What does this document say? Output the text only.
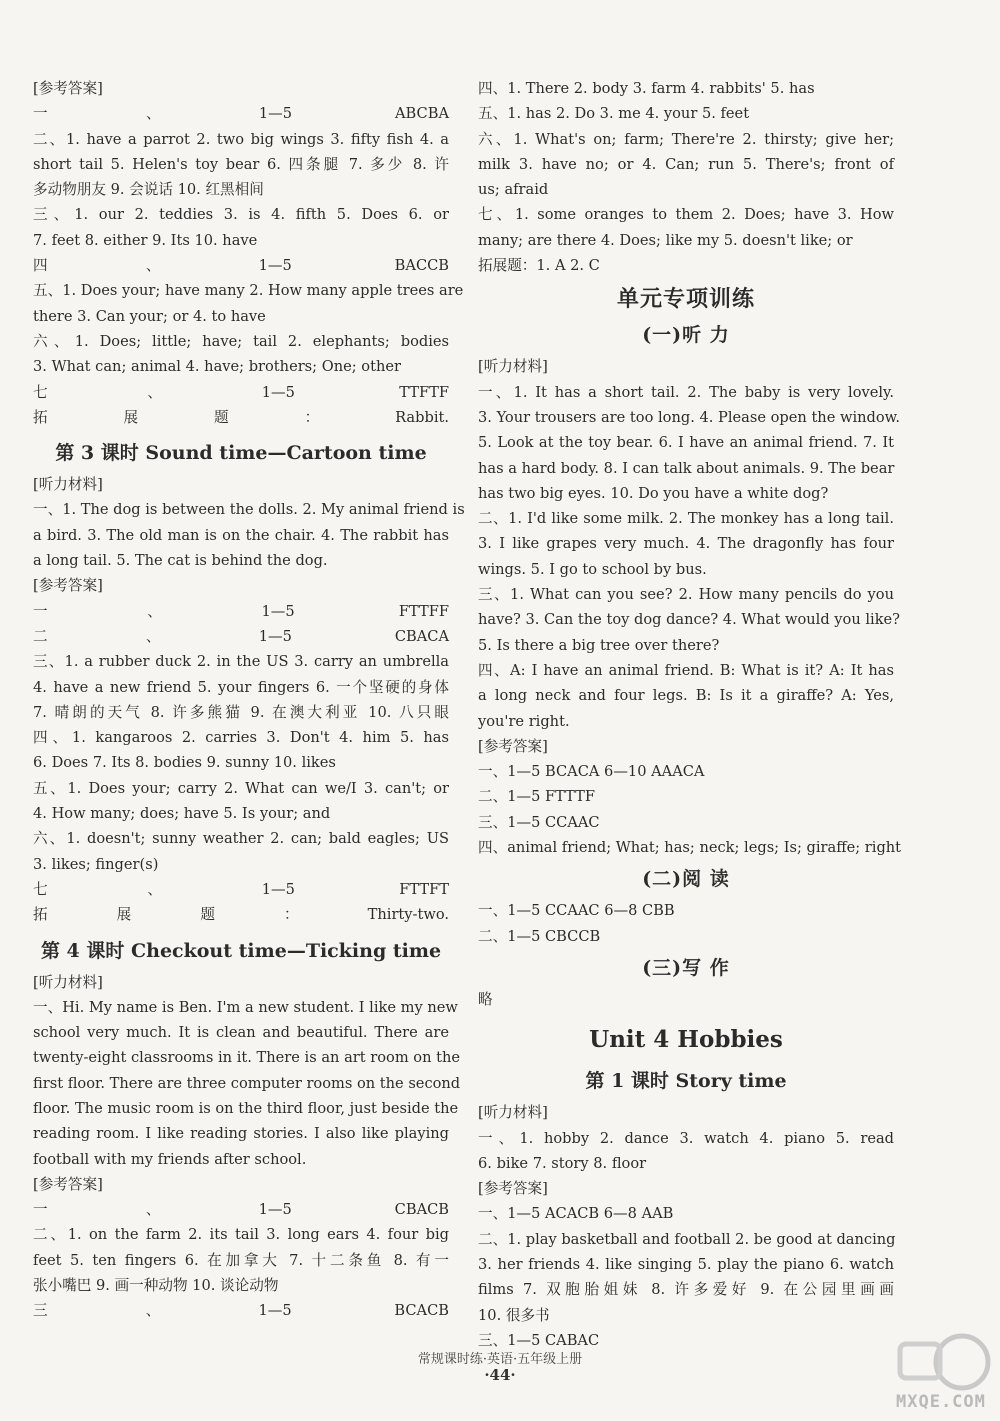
[参考答案]
一、1—5 ABCBA
二、1. have a parrot 2. two big wings 3. fifty fish 4. a
short tail 5. Helen's toy bear 6. 四条腿 7. 多少 8. 许
多动物朋友 9. 会说话 10. 红黑相间
三、1. our 2. teddies 3. is 4. fifth 5. Does 6. or
7. feet 8. either 9. Its 10. have
四、1—5 BACCB
五、1. Does your; have many 2. How many apple trees are
there 3. Can your; or 4. to have
六、1. Does; little; have; tail 2. elephants; bodies
3. What can; animal 4. have; brothers; One; other
七、1—5 TTFTF
拓展题：Rabbit.
第 3 课时 Sound time—Cartoon time
[听力材料]
一、1. The dog is between the dolls. 2. My animal friend is
a bird. 3. The old man is on the chair. 4. The rabbit has
a long tail. 5. The cat is behind the dog.
[参考答案]
一、1—5 FTTFF
二、1—5 CBACA
三、1. a rubber duck 2. in the US 3. carry an umbrella
4. have a new friend 5. your fingers 6. 一个坚硬的身体
7. 晴朗的天气 8. 许多熊猫 9. 在澳大利亚 10. 八只眼
四、1. kangaroos 2. carries 3. Don't 4. him 5. has
6. Does 7. Its 8. bodies 9. sunny 10. likes
五、1. Does your; carry 2. What can we/I 3. can't; or
4. How many; does; have 5. Is your; and
六、1. doesn't; sunny weather 2. can; bald eagles; US
3. likes; finger(s)
七、1—5 FTTFT
拓展题：Thirty-two.
第 4 课时 Checkout time—Ticking time
[听力材料]
一、Hi. My name is Ben. I'm a new student. I like my new
school very much. It is clean and beautiful. There are
twenty-eight classrooms in it. There is an art room on the
first floor. There are three computer rooms on the second
floor. The music room is on the third floor, just beside the
reading room. I like reading stories. I also like playing
football with my friends after school.
[参考答案]
一、1—5 CBACB
二、1. on the farm 2. its tail 3. long ears 4. four big
feet 5. ten fingers 6. 在加拿大 7. 十二条鱼 8. 有一
张小嘴巴 9. 画一种动物 10. 谈论动物
三、1—5 BCACB
四、1. There 2. body 3. farm 4. rabbits' 5. has
五、1. has 2. Do 3. me 4. your 5. feet
六、1. What's on; farm; There're 2. thirsty; give her;
milk 3. have no; or 4. Can; run 5. There's; front of
us; afraid
七、1. some oranges to them 2. Does; have 3. How
many; are there 4. Does; like my 5. doesn't like; or
拓展题：1. A 2. C
单元专项训练
(一)听 力
[听力材料]
一、1. It has a short tail. 2. The baby is very lovely.
3. Your trousers are too long. 4. Please open the window.
5. Look at the toy bear. 6. I have an animal friend. 7. It
has a hard body. 8. I can talk about animals. 9. The bear
has two big eyes. 10. Do you have a white dog?
二、1. I'd like some milk. 2. The monkey has a long tail.
3. I like grapes very much. 4. The dragonfly has four
wings. 5. I go to school by bus.
三、1. What can you see? 2. How many pencils do you
have? 3. Can the toy dog dance? 4. What would you like?
5. Is there a big tree over there?
四、A: I have an animal friend. B: What is it? A: It has
a long neck and four legs. B: Is it a giraffe? A: Yes,
you're right.
[参考答案]
一、1—5 BCACA 6—10 AAACA
二、1—5 FTTTF
三、1—5 CCAAC
四、animal friend; What; has; neck; legs; Is; giraffe; right
(二)阅 读
一、1—5 CCAAC 6—8 CBB
二、1—5 CBCCB
(三)写 作
略
Unit 4 Hobbies
第 1 课时 Story time
[听力材料]
一、1. hobby 2. dance 3. watch 4. piano 5. read
6. bike 7. story 8. floor
[参考答案]
一、1—5 ACACB 6—8 AAB
二、1. play basketball and football 2. be good at dancing
3. her friends 4. like singing 5. play the piano 6. watch
films 7. 双胞胎姐妹 8. 许多爱好 9. 在公园里画画
10. 很多书
三、1—5 CABAC
常规课时练·英语·五年级上册
·44·
MXQE.COM
